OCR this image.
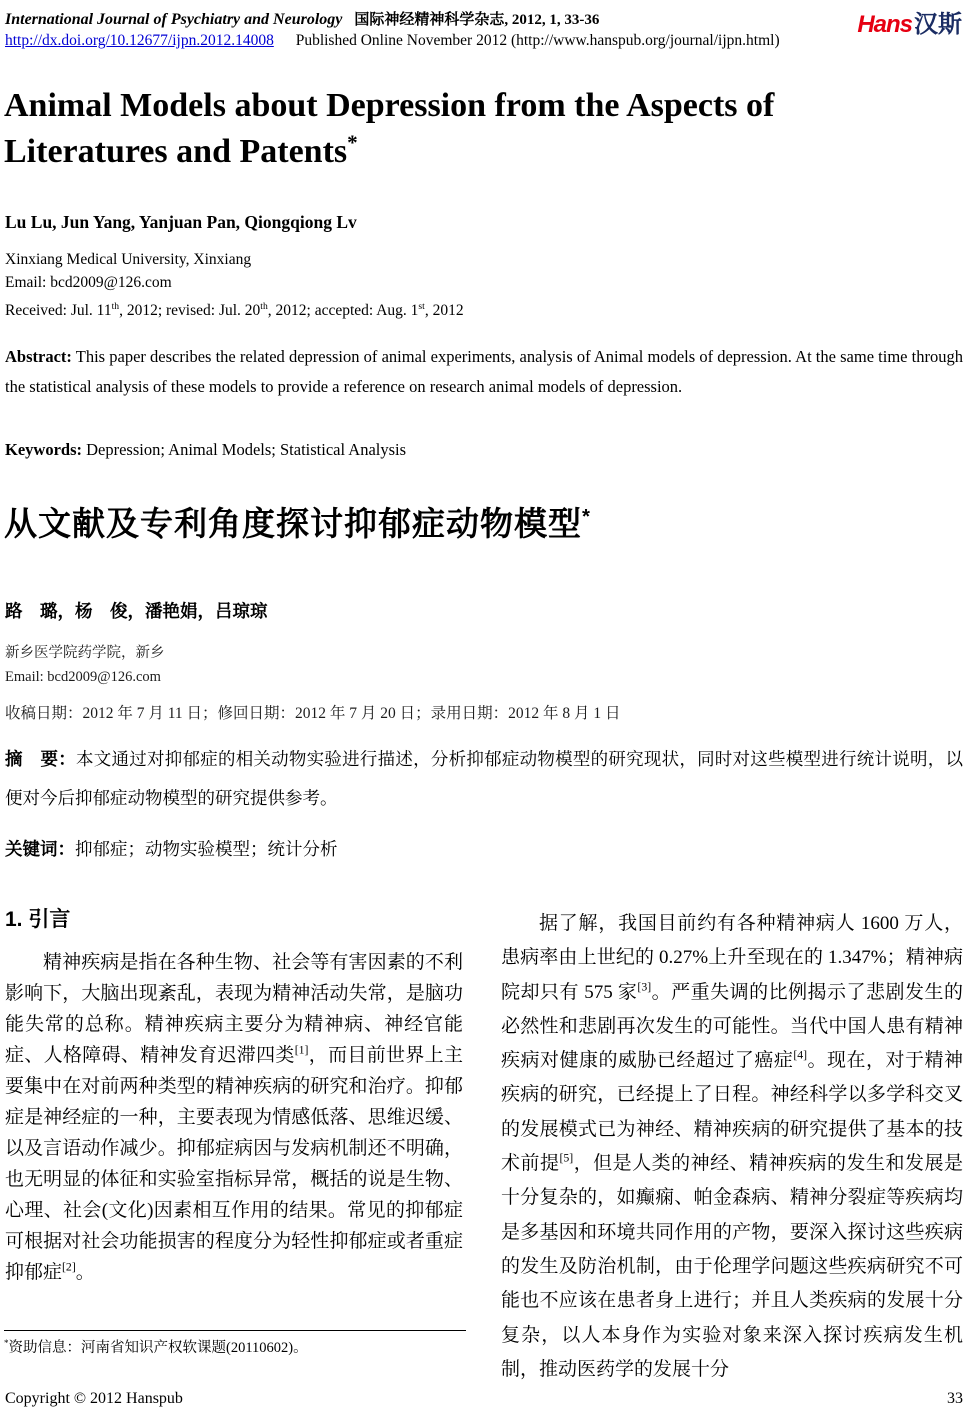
International Journal of Psychiatry and Neurology 国际神经精神科学杂志, 2012, 1, 33-36	Hans汉斯
http://dx.doi.org/10.12677/ijpn.2012.14008 Published Online November 2012 (http://www.hanspub.org/journal/ijpn.html)
Animal Models about Depression from the Aspects of Literatures and Patents*
Lu Lu, Jun Yang, Yanjuan Pan, Qiongqiong Lv
Xinxiang Medical University, Xinxiang
Email: bcd2009@126.com
Received: Jul. 11th, 2012; revised: Jul. 20th, 2012; accepted: Aug. 1st, 2012
Abstract: This paper describes the related depression of animal experiments, analysis of Animal models of depression. At the same time through the statistical analysis of these models to provide a reference on research animal models of depression.
Keywords: Depression; Animal Models; Statistical Analysis
从文献及专利角度探讨抑郁症动物模型*
路　璐，杨　俊，潘艳娟，吕琼琼
新乡医学院药学院，新乡
Email: bcd2009@126.com
收稿日期：2012 年 7 月 11 日；修回日期：2012 年 7 月 20 日；录用日期：2012 年 8 月 1 日
摘　要：本文通过对抑郁症的相关动物实验进行描述，分析抑郁症动物模型的研究现状，同时对这些模型进行统计说明，以便对今后抑郁症动物模型的研究提供参考。
关键词：抑郁症；动物实验模型；统计分析
1. 引言
精神疾病是指在各种生物、社会等有害因素的不利影响下，大脑出现紊乱，表现为精神活动失常，是脑功能失常的总称。精神疾病主要分为精神病、神经官能症、人格障碍、精神发育迟滞四类[1]，而目前世界上主要集中在对前两种类型的精神疾病的研究和治疗。抑郁症是神经症的一种，主要表现为情感低落、思维迟缓、以及言语动作减少。抑郁症病因与发病机制还不明确，也无明显的体征和实验室指标异常，概括的说是生物、心理、社会(文化)因素相互作用的结果。常见的抑郁症可根据对社会功能损害的程度分为轻性抑郁症或者重症抑郁症[2]。
据了解，我国目前约有各种精神病人 1600 万人，患病率由上世纪的 0.27%上升至现在的 1.347%；精神病院却只有 575 家[3]。严重失调的比例揭示了悲剧发生的必然性和悲剧再次发生的可能性。当代中国人患有精神疾病对健康的威胁已经超过了癌症[4]。现在，对于精神疾病的研究，已经提上了日程。神经科学以多学科交叉的发展模式已为神经、精神疾病的研究提供了基本的技术前提[5]，但是人类的神经、精神疾病的发生和发展是十分复杂的，如癫痫、帕金森病、精神分裂症等疾病均是多基因和环境共同作用的产物，要深入探讨这些疾病的发生及防治机制，由于伦理学问题这些疾病研究不可能也不应该在患者身上进行；并且人类疾病的发展十分复杂，以人本身作为实验对象来深入探讨疾病发生机制，推动医药学的发展十分
*资助信息：河南省知识产权软课题(20110602)。
Copyright © 2012 Hanspub	33
